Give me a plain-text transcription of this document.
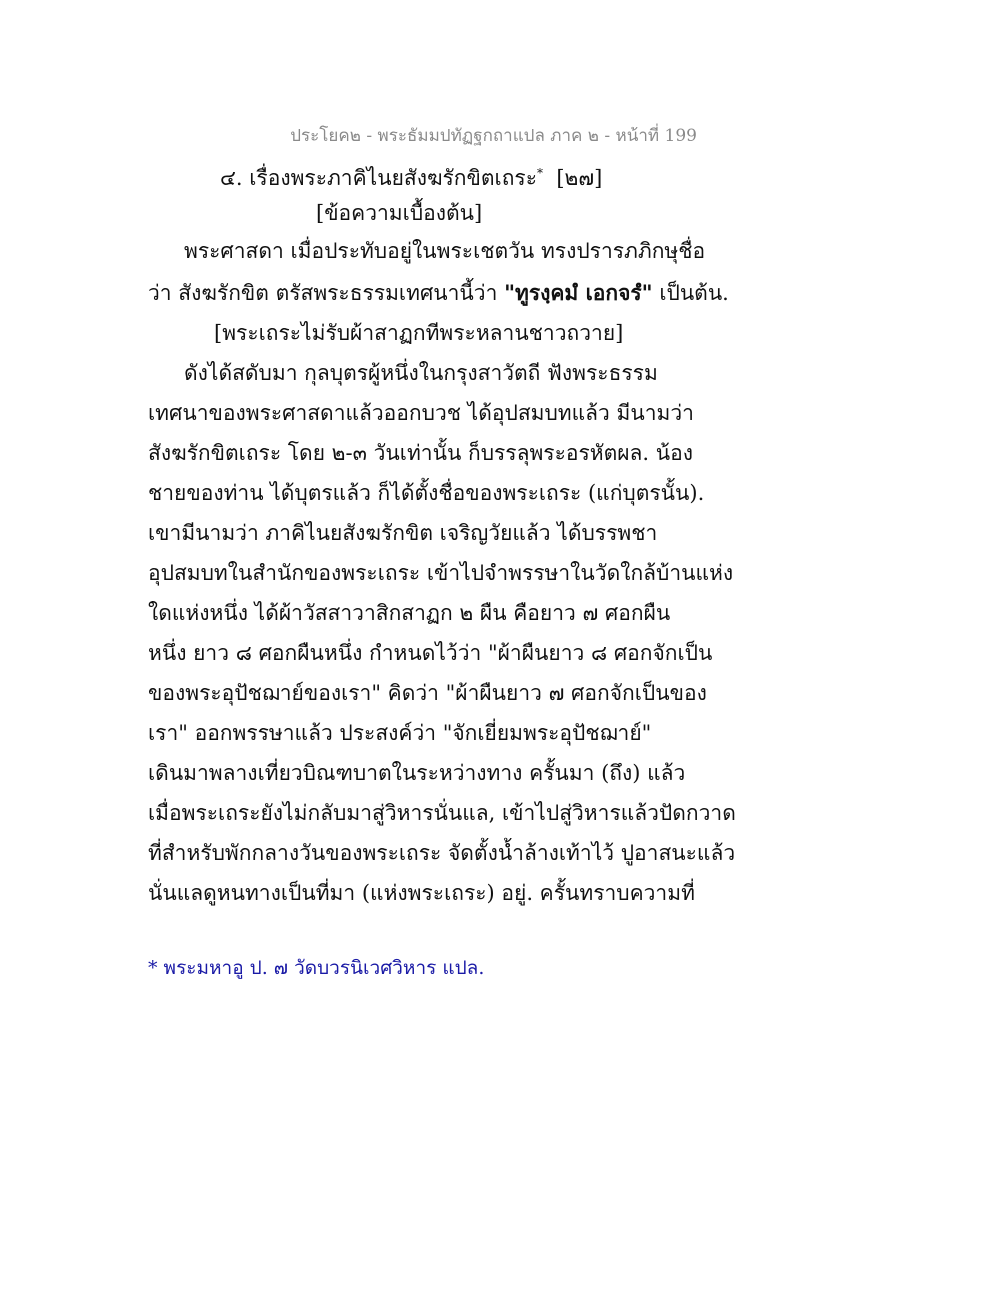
ประโยค๒ - พระธัมมปทัฏฐกถาแปล ภาค ๒ - หน้าที่ 199
๔. เรื่องพระภาคิไนยสังฆรักขิตเถระ* [๒๗]
[ข้อความเบื้องต้น]
พระศาสดา เมื่อประทับอยู่ในพระเชตวัน ทรงปรารภภิกษุชื่อ
ว่า สังฆรักขิต ตรัสพระธรรมเทศนานี้ว่า "ทูรงฺคมํ เอกจรํ" เป็นต้น.
[พระเถระไม่รับผ้าสาฏกทีพระหลานชาวถวาย]
ดังได้สดับมา กุลบุตรผู้หนึ่งในกรุงสาวัตถี ฟังพระธรรม
เทศนาของพระศาสดาแล้วออกบวช ได้อุปสมบทแล้ว มีนามว่า
สังฆรักขิตเถระ โดย ๒-๓ วันเท่านั้น ก็บรรลุพระอรหัตผล. น้อง
ชายของท่าน ได้บุตรแล้ว ก็ได้ตั้งชื่อของพระเถระ (แก่บุตรนั้น).
เขามีนามว่า ภาคิไนยสังฆรักขิต เจริญวัยแล้ว ได้บรรพชา
อุปสมบทในสำนักของพระเถระ เข้าไปจำพรรษาในวัดใกล้บ้านแห่ง
ใดแห่งหนึ่ง ได้ผ้าวัสสาวาสิกสาฏก ๒ ผืน คือยาว ๗ ศอกผืน
หนึ่ง ยาว ๘ ศอกผืนหนึ่ง กำหนดไว้ว่า "ผ้าผืนยาว ๘ ศอกจักเป็น
ของพระอุปัชฌาย์ของเรา" คิดว่า "ผ้าผืนยาว ๗ ศอกจักเป็นของ
เรา" ออกพรรษาแล้ว ประสงค์ว่า "จักเยี่ยมพระอุปัชฌาย์"
เดินมาพลางเที่ยวบิณฑบาตในระหว่างทาง ครั้นมา (ถึง) แล้ว
เมื่อพระเถระยังไม่กลับมาสู่วิหารนั่นแล, เข้าไปสู่วิหารแล้วปัดกวาด
ที่สำหรับพักกลางวันของพระเถระ จัดตั้งน้ำล้างเท้าไว้ ปูอาสนะแล้ว
นั่นแลดูหนทางเป็นที่มา (แห่งพระเถระ) อยู่. ครั้นทราบความที่
* พระมหาอู ป. ๗ วัดบวรนิเวศวิหาร แปล.
